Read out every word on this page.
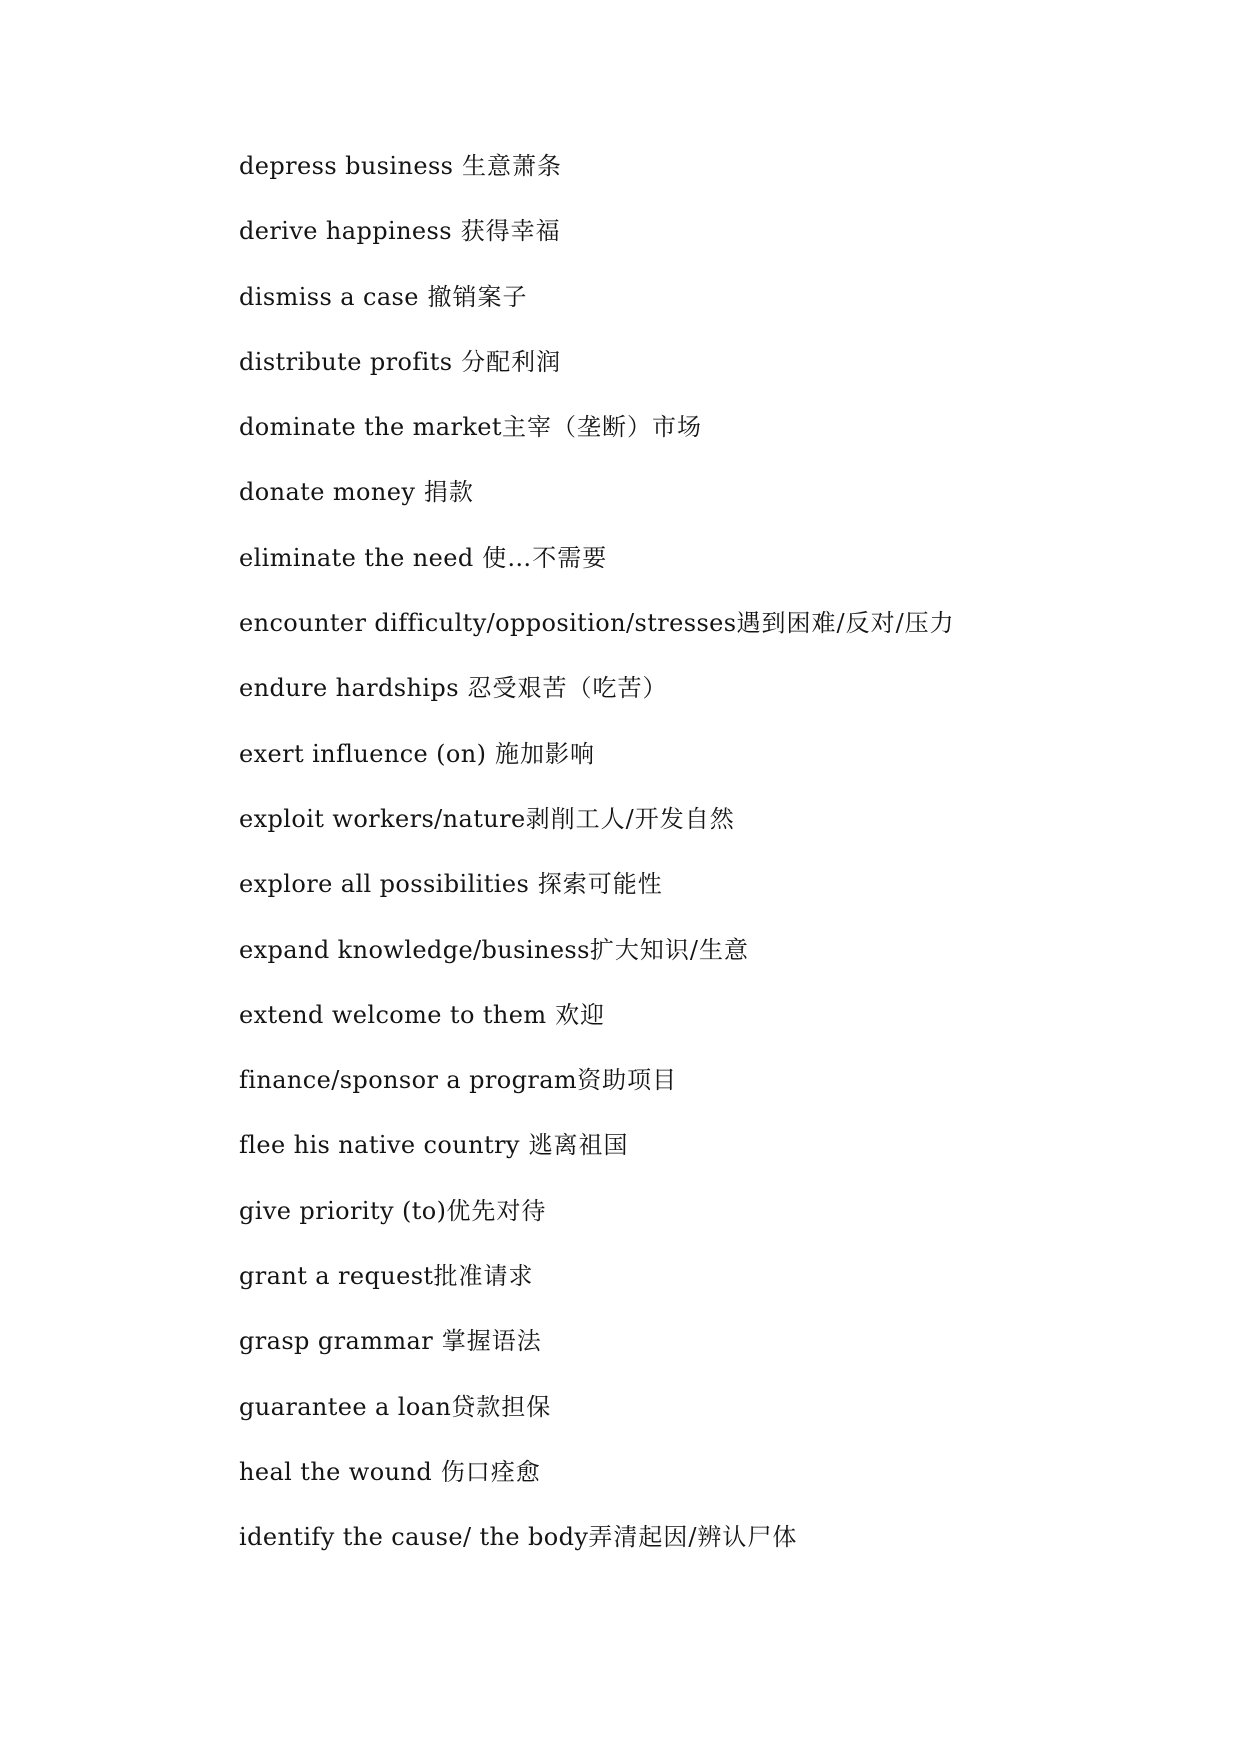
depress business 生意萧条
derive happiness 获得幸福
dismiss a case 撤销案子
distribute profits 分配利润
dominate the market主宰（垄断）市场
donate money 捐款
eliminate the need 使…不需要
encounter difficulty/opposition/stresses遇到困难/反对/压力
endure hardships 忍受艰苦（吃苦）
exert influence (on) 施加影响
exploit workers/nature剥削工人/开发自然
explore all possibilities 探索可能性
expand knowledge/business扩大知识/生意
extend welcome to them 欢迎
finance/sponsor a program资助项目
flee his native country 逃离祖国
give priority (to)优先对待
grant a request批准请求
grasp grammar 掌握语法
guarantee a loan贷款担保
heal the wound 伤口痊愈
identify the cause/ the body弄清起因/辨认尸体
